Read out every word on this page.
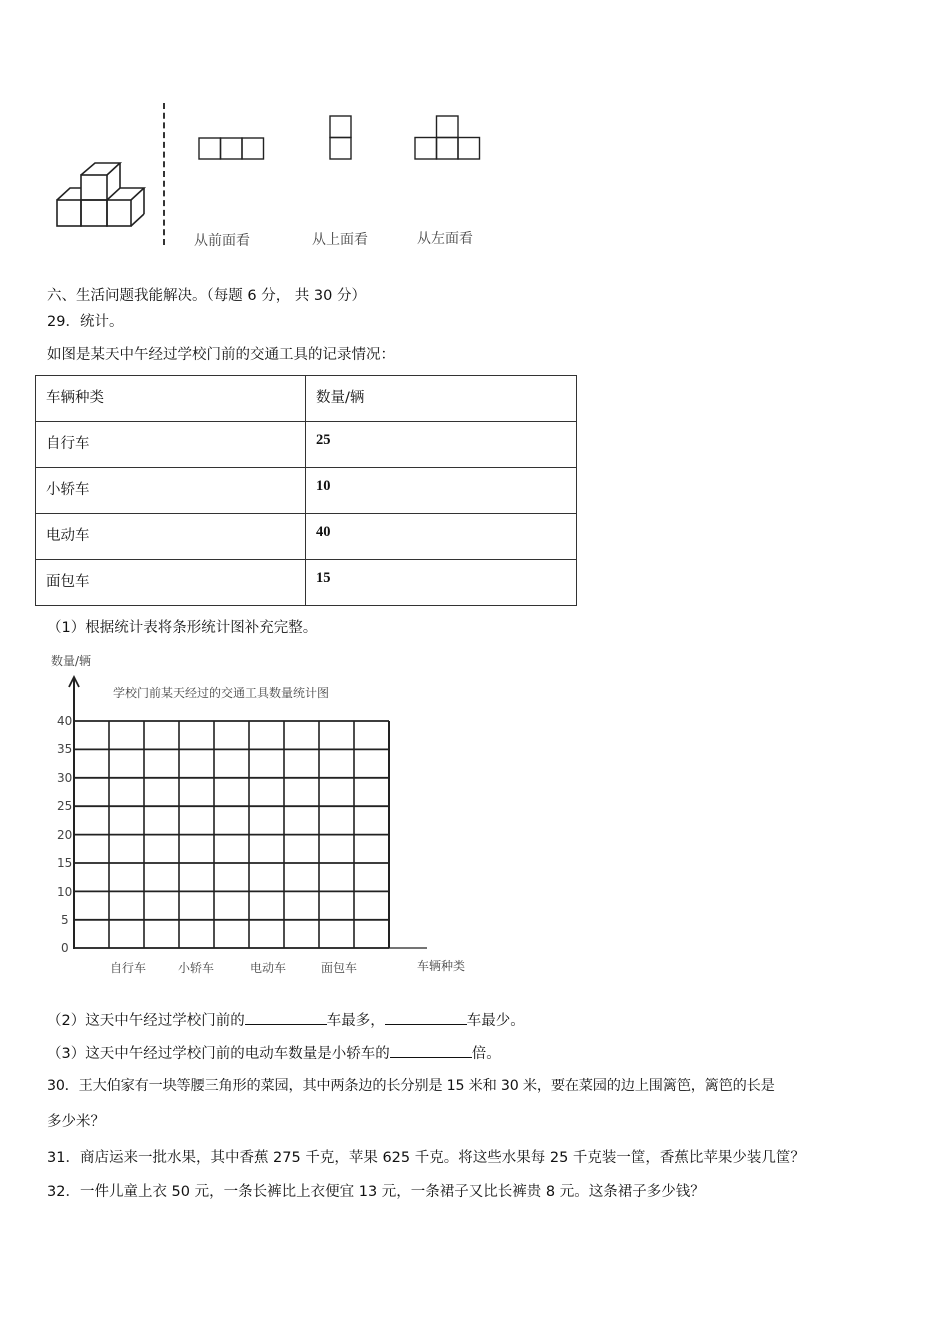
从前面看	从上面看	从左面看
六、生活问题我能解决。（每题 6 分， 共 30 分）
29．统计。
如图是某天中午经过学校门前的交通工具的记录情况：
车辆种类	数量/辆
自行车	25
小轿车	10
电动车	40
面包车	15
（1）根据统计表将条形统计图补充完整。
数量/辆
学校门前某天经过的交通工具数量统计图
40
35
30
25
20
15
10
5
0
自行车	小轿车	电动车	面包车	车辆种类
（2）这天中午经过学校门前的	车最多，	车最少。
（3）这天中午经过学校门前的电动车数量是小轿车的	倍。
30．王大伯家有一块等腰三角形的菜园，其中两条边的长分别是 15 米和 30 米，要在菜园的边上围篱笆，篱笆的长是
多少米？
31．商店运来一批水果，其中香蕉 275 千克，苹果 625 千克。将这些水果每 25 千克装一筐，香蕉比苹果少装几筐？
32．一件儿童上衣 50 元，一条长裤比上衣便宜 13 元，一条裙子又比长裤贵 8 元。这条裙子多少钱？
